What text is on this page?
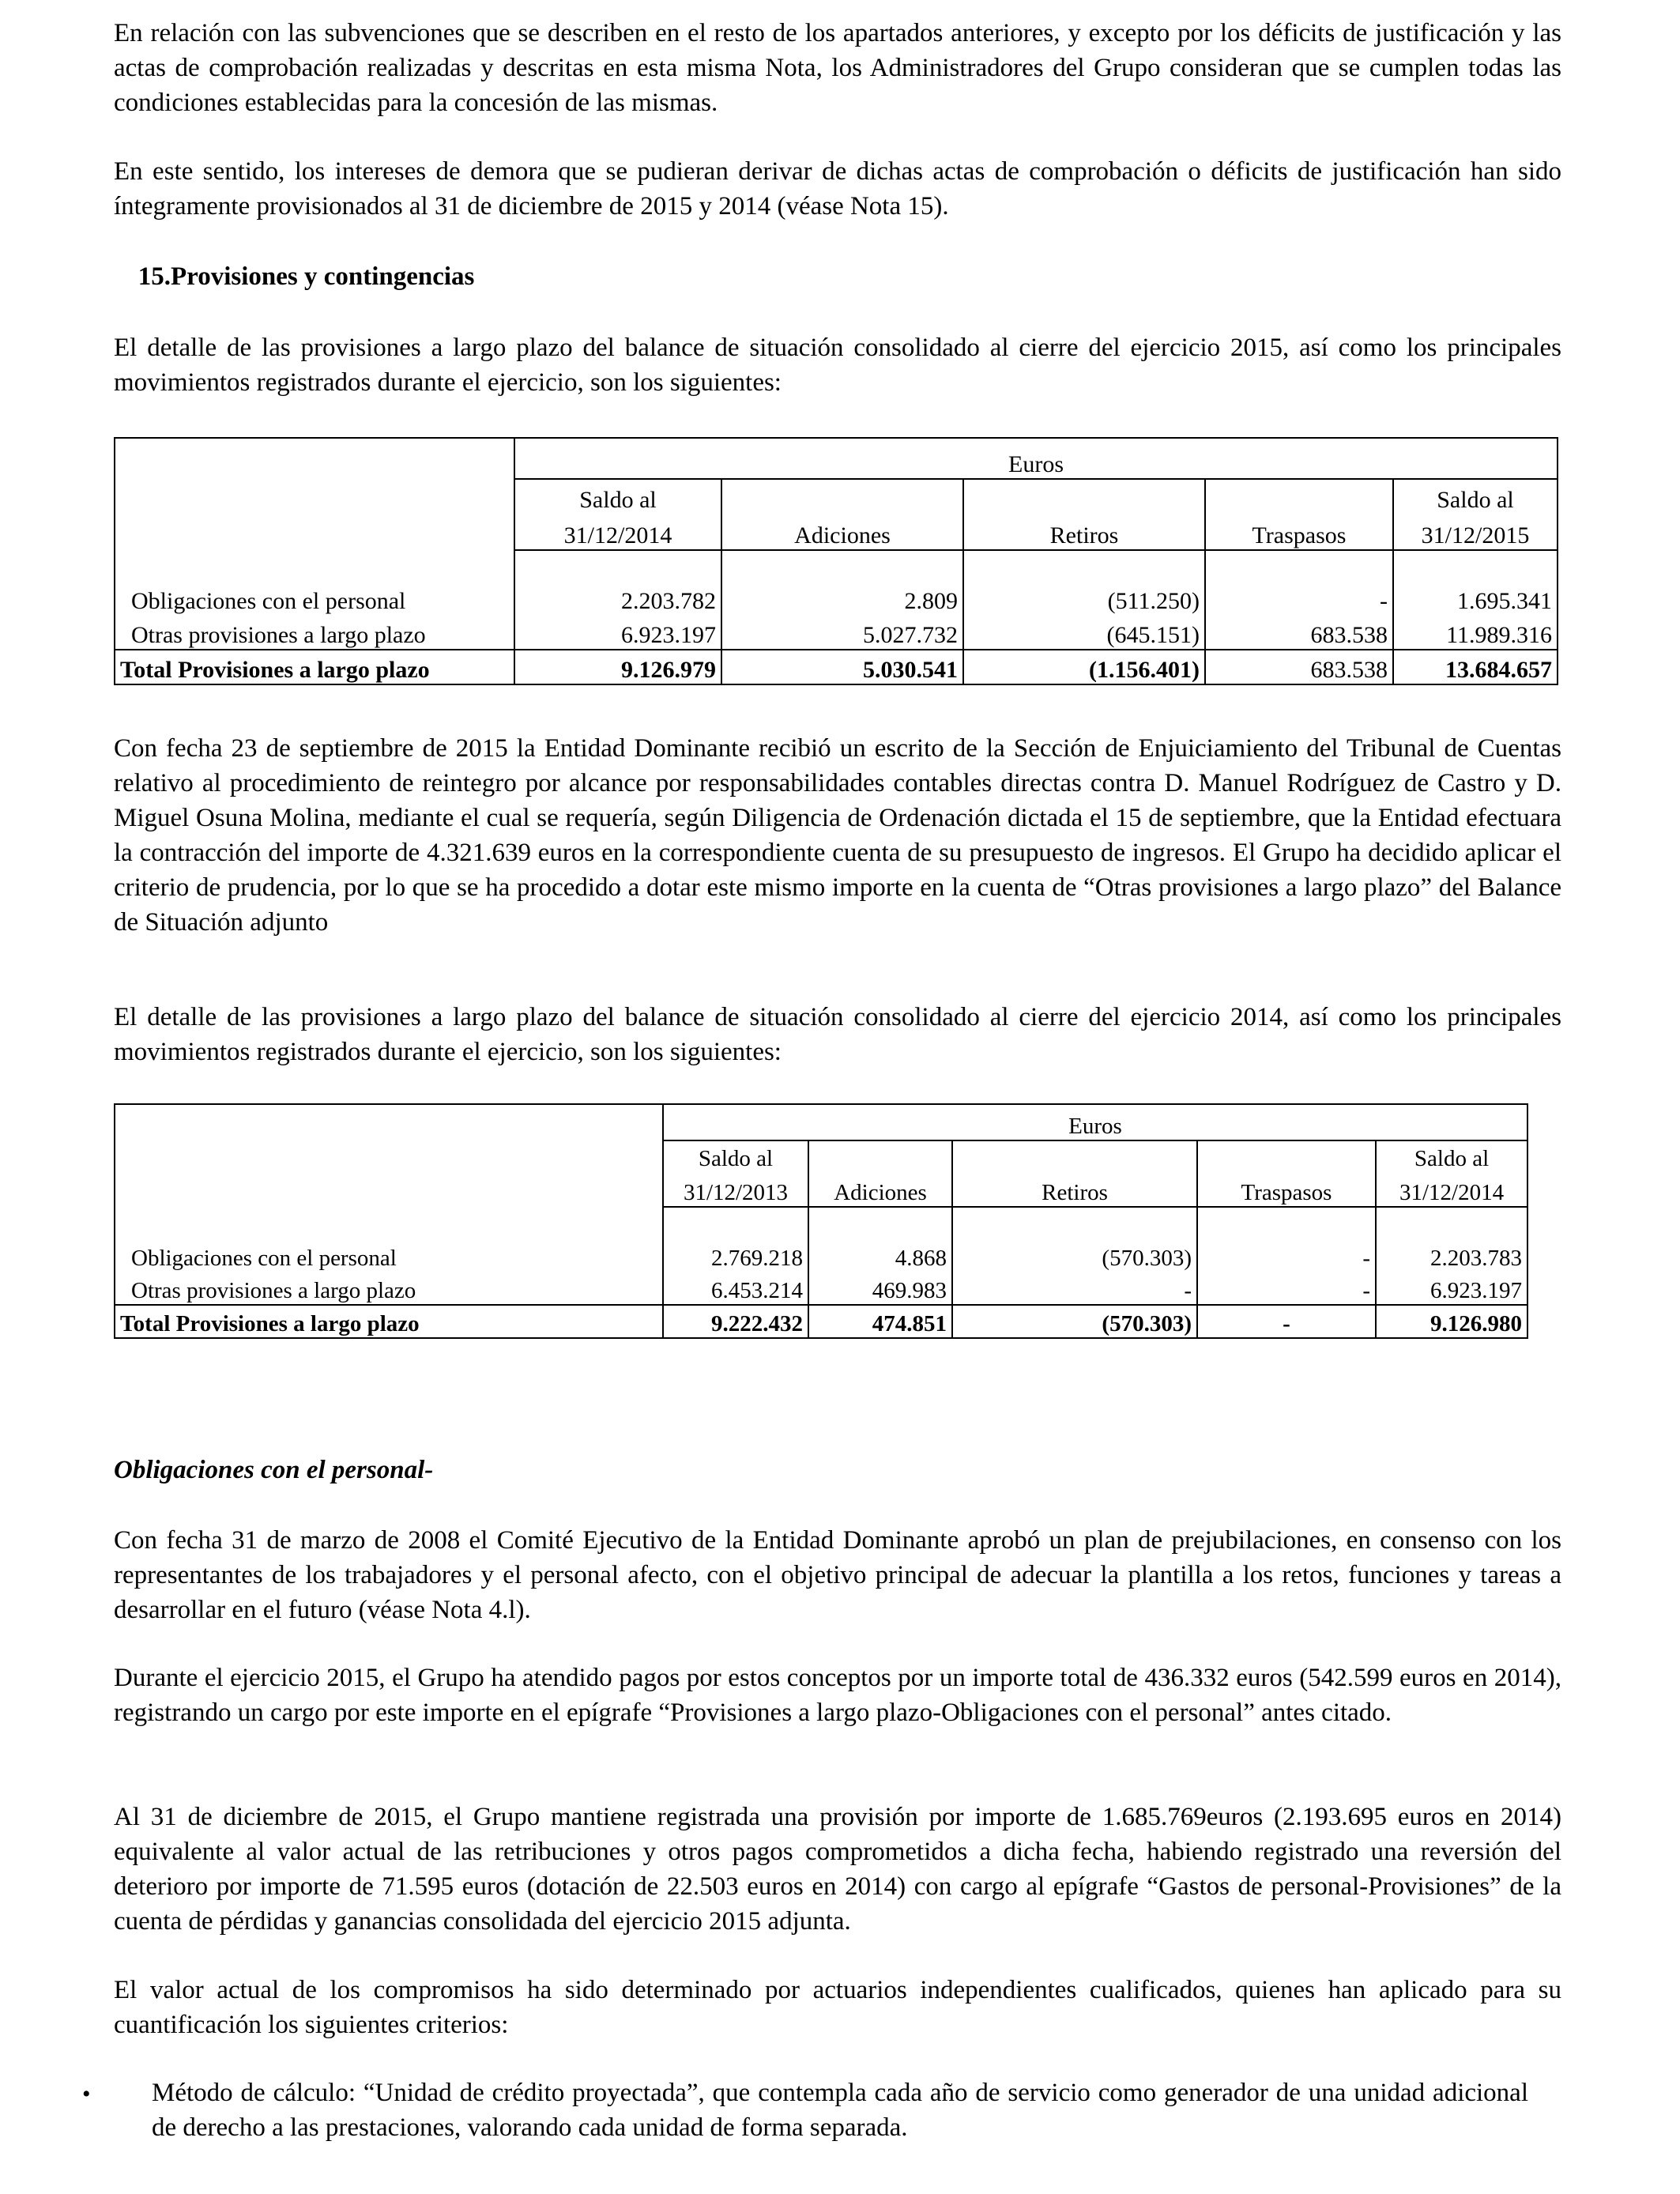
En relación con las subvenciones que se describen en el resto de los apartados anteriores, y excepto por los déficits de justificación y las actas de comprobación realizadas y descritas en esta misma Nota, los Administradores del Grupo consideran que se cumplen todas las condiciones establecidas para la concesión de las mismas.

En este sentido, los intereses de demora que se pudieran derivar de dichas actas de comprobación o déficits de justificación han sido íntegramente provisionados al 31 de diciembre de 2015 y 2014 (véase Nota 15).

15.Provisiones y contingencias

El detalle de las provisiones a largo plazo del balance de situación consolidado al cierre del ejercicio 2015, así como los principales movimientos registrados durante el ejercicio, son los siguientes:

	Euros				
	Saldo al				Saldo al
	31/12/2014	Adiciones	Retiros	Traspasos	31/12/2015

Obligaciones con el personal	2.203.782	2.809	(511.250)	-	1.695.341
Otras provisiones a largo plazo	6.923.197	5.027.732	(645.151)	683.538	11.989.316
Total Provisiones a largo plazo	9.126.979	5.030.541	(1.156.401)	683.538	13.684.657

Con fecha 23 de septiembre de 2015 la Entidad Dominante recibió un escrito de la Sección de Enjuiciamiento del Tribunal de Cuentas relativo al procedimiento de reintegro por alcance por responsabilidades contables directas contra D. Manuel Rodríguez de Castro y D. Miguel Osuna Molina, mediante el cual se requería, según Diligencia de Ordenación dictada el 15 de septiembre, que la Entidad efectuara la contracción del importe de 4.321.639 euros en la correspondiente cuenta de su presupuesto de ingresos. El Grupo ha decidido aplicar el criterio de prudencia, por lo que se ha procedido a dotar este mismo importe en la cuenta de “Otras provisiones a largo plazo” del Balance de Situación adjunto

El detalle de las provisiones a largo plazo del balance de situación consolidado al cierre del ejercicio 2014, así como los principales movimientos registrados durante el ejercicio, son los siguientes:

	Euros				
	Saldo al				Saldo al
	31/12/2013	Adiciones	Retiros	Traspasos	31/12/2014

Obligaciones con el personal	2.769.218	4.868	(570.303)	-	2.203.783
Otras provisiones a largo plazo	6.453.214	469.983	-	-	6.923.197
Total Provisiones a largo plazo	9.222.432	474.851	(570.303)	-	9.126.980
Obligaciones con el personal-

Con fecha 31 de marzo de 2008 el Comité Ejecutivo de la Entidad Dominante aprobó un plan de prejubilaciones, en consenso con los representantes de los trabajadores y el personal afecto, con el objetivo principal de adecuar la plantilla a los retos, funciones y tareas a desarrollar en el futuro (véase Nota 4.l).

Durante el ejercicio 2015, el Grupo ha atendido pagos por estos conceptos por un importe total de 436.332 euros (542.599 euros en 2014), registrando un cargo por este importe en el epígrafe “Provisiones a largo plazo-Obligaciones con el personal” antes citado.

Al 31 de diciembre de 2015, el Grupo mantiene registrada una provisión por importe de 1.685.769euros (2.193.695 euros en 2014) equivalente al valor actual de las retribuciones y otros pagos comprometidos a dicha fecha, habiendo registrado una reversión del deterioro por importe de 71.595 euros (dotación de 22.503 euros en 2014) con cargo al epígrafe “Gastos de personal-Provisiones” de la cuenta de pérdidas y ganancias consolidada del ejercicio 2015 adjunta.

El valor actual de los compromisos ha sido determinado por actuarios independientes cualificados, quienes han aplicado para su cuantificación los siguientes criterios:

• Método de cálculo: “Unidad de crédito proyectada”, que contempla cada año de servicio como generador de una unidad adicional de derecho a las prestaciones, valorando cada unidad de forma separada.
